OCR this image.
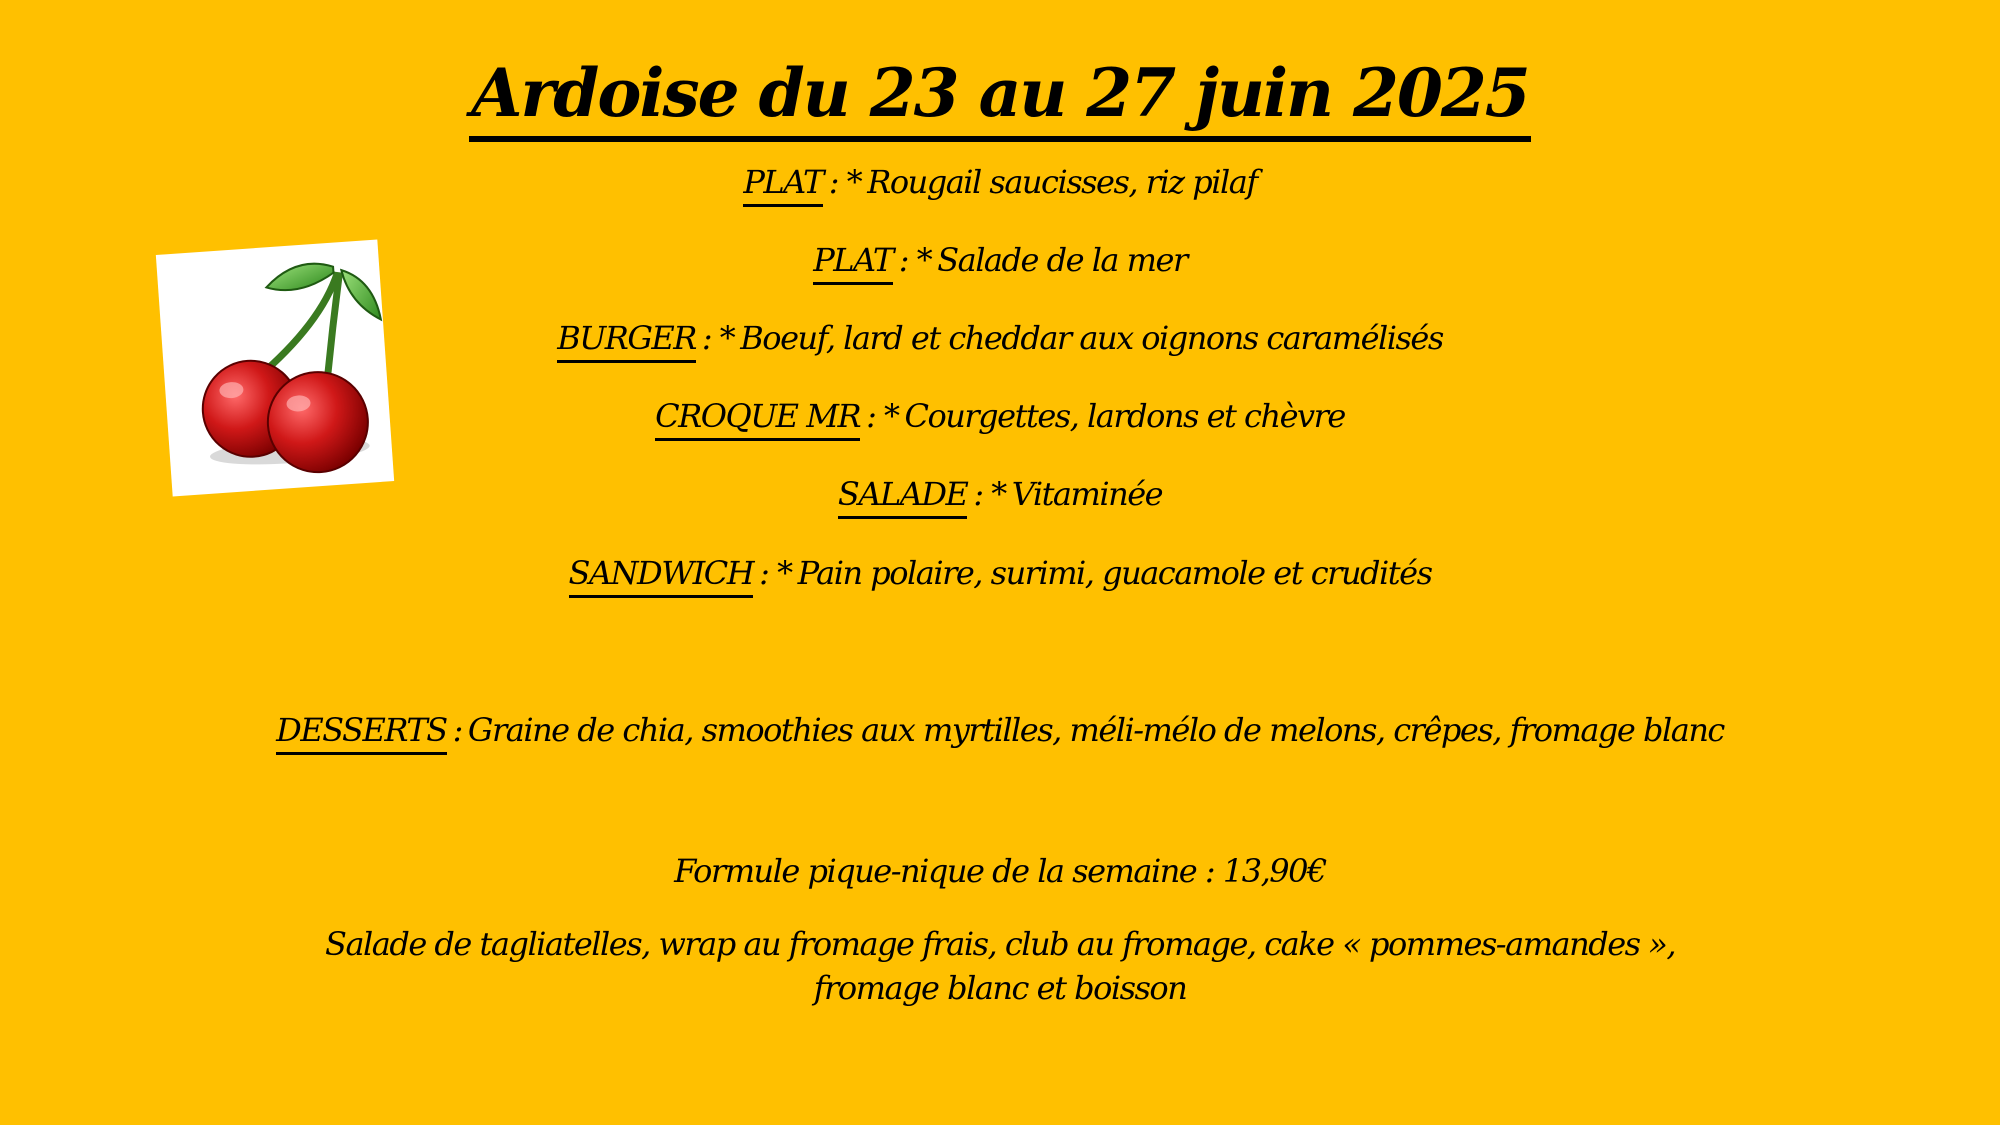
Ardoise du 23 au 27 juin 2025
PLAT : * Rougail saucisses, riz pilaf
PLAT : * Salade de la mer
BURGER : * Boeuf, lard et cheddar aux oignons caramélisés
CROQUE MR : * Courgettes, lardons et chèvre
SALADE : * Vitaminée
SANDWICH : * Pain polaire, surimi, guacamole et crudités
DESSERTS : Graine de chia, smoothies aux myrtilles, méli-mélo de melons, crêpes, fromage blanc
Formule pique-nique de la semaine : 13,90€
Salade de tagliatelles, wrap au fromage frais, club au fromage, cake « pommes-amandes », fromage blanc et boisson
